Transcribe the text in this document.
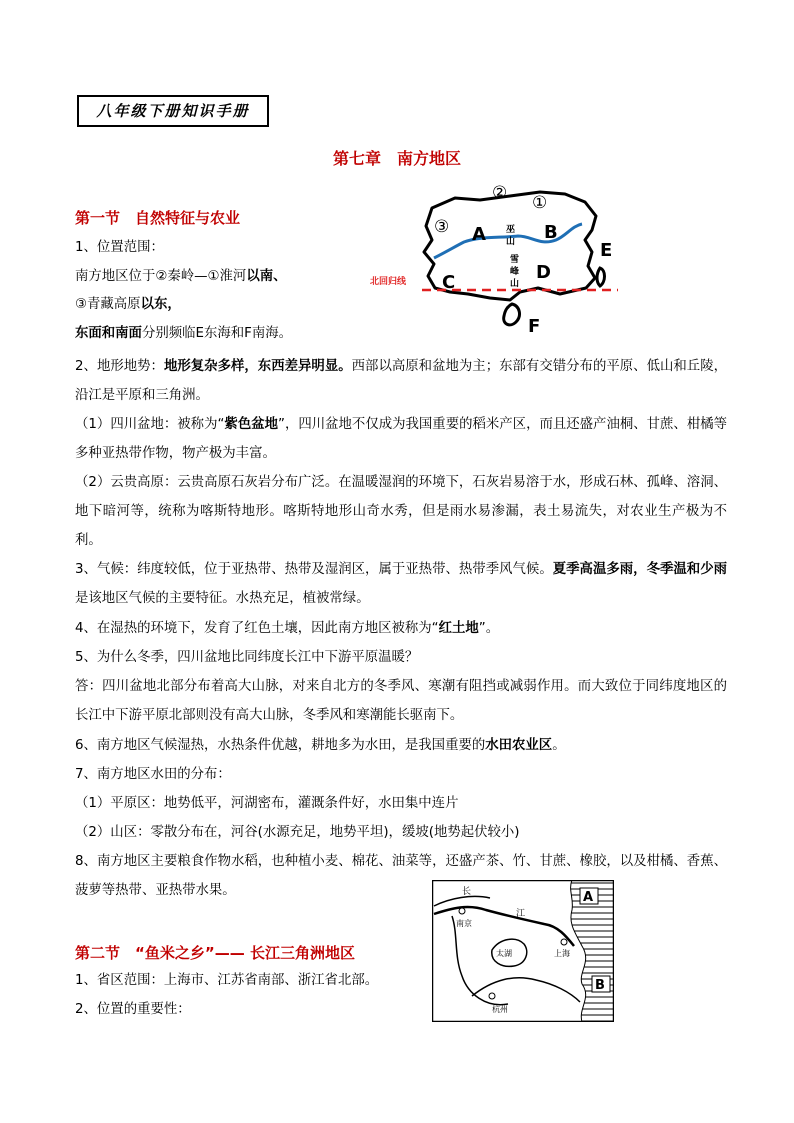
八年级下册知识手册
第七章　南方地区
第一节　自然特征与农业
1、位置范围：
南方地区位于②秦岭—①淮河以南、
③青藏高原以东，
东面和南面分别频临E东海和F南海。
北回归线
A	B
C	D
E
F
② ①
③	巫
山
雪
峰
山
2、地形地势：地形复杂多样，东西差异明显。西部以高原和盆地为主；东部有交错分布的平原、低山和丘陵，沿江是平原和三角洲。
（1）四川盆地：被称为“紫色盆地”，四川盆地不仅成为我国重要的稻米产区，而且还盛产油桐、甘蔗、柑橘等多种亚热带作物，物产极为丰富。
（2）云贵高原：云贵高原石灰岩分布广泛。在温暖湿润的环境下，石灰岩易溶于水，形成石林、孤峰、溶洞、地下暗河等，统称为喀斯特地形。喀斯特地形山奇水秀，但是雨水易渗漏，表土易流失，对农业生产极为不利。
3、气候：纬度较低，位于亚热带、热带及湿润区，属于亚热带、热带季风气候。夏季高温多雨，冬季温和少雨是该地区气候的主要特征。水热充足，植被常绿。
4、在湿热的环境下，发育了红色土壤，因此南方地区被称为“红土地”。
5、为什么冬季，四川盆地比同纬度长江中下游平原温暖？
答：四川盆地北部分布着高大山脉，对来自北方的冬季风、寒潮有阻挡或减弱作用。而大致位于同纬度地区的长江中下游平原北部则没有高大山脉，冬季风和寒潮能长驱南下。
6、南方地区气候湿热，水热条件优越，耕地多为水田，是我国重要的水田农业区。
7、南方地区水田的分布：
（1）平原区：地势低平，河湖密布，灌溉条件好，水田集中连片
（2）山区：零散分布在，河谷(水源充足，地势平坦)，缓坡(地势起伏较小)
8、南方地区主要粮食作物水稻，也种植小麦、棉花、油菜等，还盛产茶、竹、甘蔗、橡胶，以及柑橘、香蕉、菠萝等热带、亚热带水果。	长
江
南京
太湖	上海
杭州
A
B
第二节　“鱼米之乡”—— 长江三角洲地区
1、省区范围：上海市、江苏省南部、浙江省北部。
2、位置的重要性：
